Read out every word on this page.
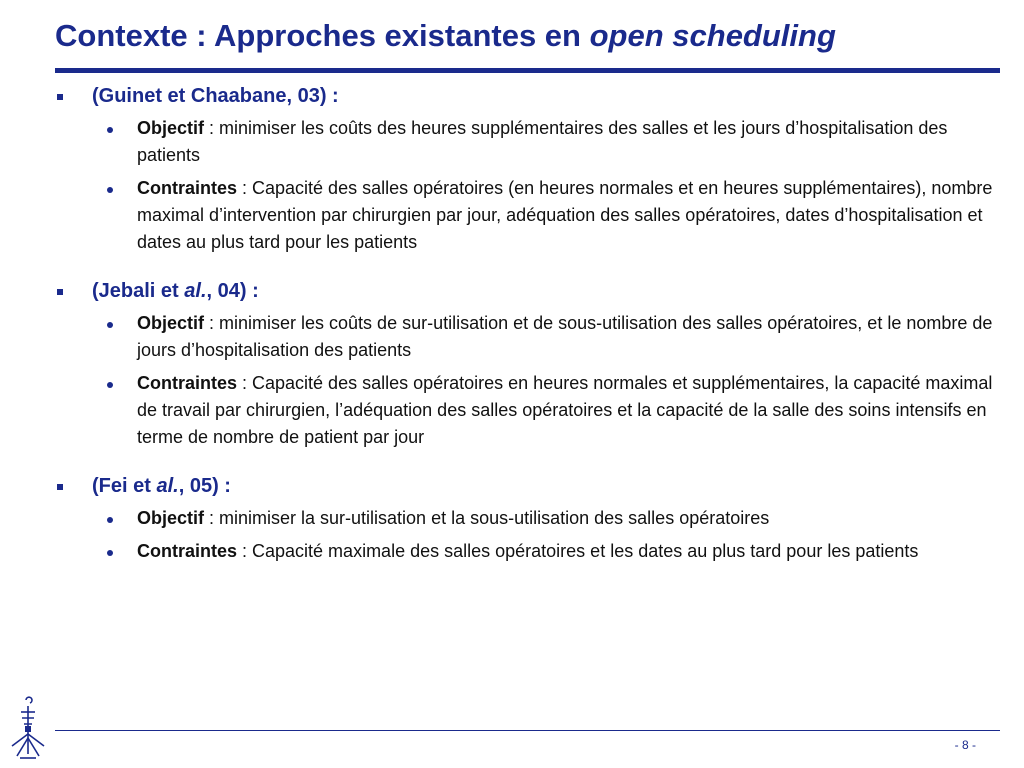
Contexte : Approches existantes en open scheduling
(Guinet et Chaabane, 03) :
Objectif : minimiser les coûts des heures supplémentaires des salles et les jours d’hospitalisation des patients
Contraintes : Capacité des salles opératoires (en heures normales et en heures supplémentaires), nombre maximal d’intervention par chirurgien par jour, adéquation des salles opératoires, dates d’hospitalisation et dates au plus tard pour les patients
(Jebali et al., 04) :
Objectif : minimiser les coûts de sur-utilisation et de sous-utilisation des salles opératoires, et le nombre de jours d’hospitalisation des patients
Contraintes : Capacité des salles opératoires en heures normales et supplémentaires, la capacité maximal de travail par chirurgien, l’adéquation des salles opératoires et la capacité de la salle des soins intensifs en terme de nombre de patient par jour
(Fei et al., 05) :
Objectif : minimiser la sur-utilisation et la sous-utilisation des salles opératoires
Contraintes : Capacité maximale des salles opératoires et les dates au plus tard pour les patients
- 8 -
